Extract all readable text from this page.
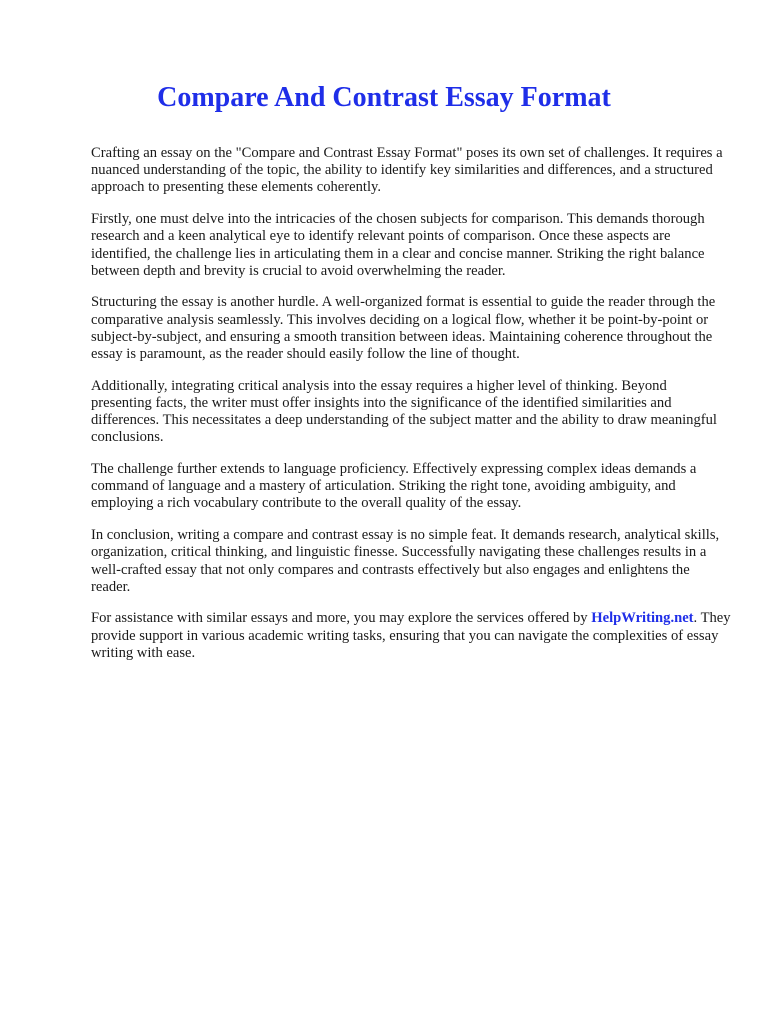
Compare And Contrast Essay Format

Crafting an essay on the "Compare and Contrast Essay Format" poses its own set of challenges. It requires a nuanced understanding of the topic, the ability to identify key similarities and differences, and a structured approach to presenting these elements coherently.

Firstly, one must delve into the intricacies of the chosen subjects for comparison. This demands thorough research and a keen analytical eye to identify relevant points of comparison. Once these aspects are identified, the challenge lies in articulating them in a clear and concise manner. Striking the right balance between depth and brevity is crucial to avoid overwhelming the reader.

Structuring the essay is another hurdle. A well-organized format is essential to guide the reader through the comparative analysis seamlessly. This involves deciding on a logical flow, whether it be point-by-point or subject-by-subject, and ensuring a smooth transition between ideas. Maintaining coherence throughout the essay is paramount, as the reader should easily follow the line of thought.

Additionally, integrating critical analysis into the essay requires a higher level of thinking. Beyond presenting facts, the writer must offer insights into the significance of the identified similarities and differences. This necessitates a deep understanding of the subject matter and the ability to draw meaningful conclusions.

The challenge further extends to language proficiency. Effectively expressing complex ideas demands a command of language and a mastery of articulation. Striking the right tone, avoiding ambiguity, and employing a rich vocabulary contribute to the overall quality of the essay.

In conclusion, writing a compare and contrast essay is no simple feat. It demands research, analytical skills, organization, critical thinking, and linguistic finesse. Successfully navigating these challenges results in a well-crafted essay that not only compares and contrasts effectively but also engages and enlightens the reader.

For assistance with similar essays and more, you may explore the services offered by HelpWriting.net. They provide support in various academic writing tasks, ensuring that you can navigate the complexities of essay writing with ease.
